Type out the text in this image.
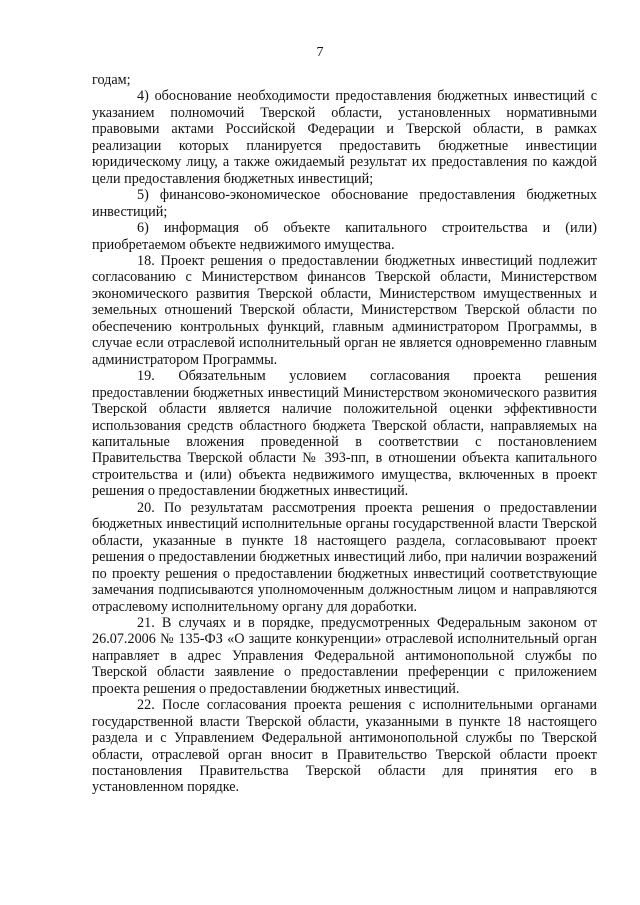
7

годам;

4) обоснование необходимости предоставления бюджетных инвестиций с указанием полномочий Тверской области, установленных нормативными правовыми актами Российской Федерации и Тверской области, в рамках реализации которых планируется предоставить бюджетные инвестиции юридическому лицу, а также ожидаемый результат их предоставления по каждой цели предоставления бюджетных инвестиций;

5) финансово-экономическое обоснование предоставления бюджетных инвестиций;

6) информация об объекте капитального строительства и (или) приобретаемом объекте недвижимого имущества.

18. Проект решения о предоставлении бюджетных инвестиций подлежит согласованию с Министерством финансов Тверской области, Министерством экономического развития Тверской области, Министерством имущественных и земельных отношений Тверской области, Министерством Тверской области по обеспечению контрольных функций, главным администратором Программы, в случае если отраслевой исполнительный орган не является одновременно главным администратором Программы.

19. Обязательным условием согласования проекта решения предоставлении бюджетных инвестиций Министерством экономического развития Тверской области является наличие положительной оценки эффективности использования средств областного бюджета Тверской области, направляемых на капитальные вложения проведенной в соответствии с постановлением Правительства Тверской области № 393-пп, в отношении объекта капитального строительства и (или) объекта недвижимого имущества, включенных в проект решения о предоставлении бюджетных инвестиций.

20. По результатам рассмотрения проекта решения о предоставлении бюджетных инвестиций исполнительные органы государственной власти Тверской области, указанные в пункте 18 настоящего раздела, согласовывают проект решения о предоставлении бюджетных инвестиций либо, при наличии возражений по проекту решения о предоставлении бюджетных инвестиций соответствующие замечания подписываются уполномоченным должностным лицом и направляются отраслевому исполнительному органу для доработки.

21. В случаях и в порядке, предусмотренных Федеральным законом от 26.07.2006 № 135-ФЗ «О защите конкуренции» отраслевой исполнительный орган направляет в адрес Управления Федеральной антимонопольной службы по Тверской области заявление о предоставлении преференции с приложением проекта решения о предоставлении бюджетных инвестиций.

22. После согласования проекта решения с исполнительными органами государственной власти Тверской области, указанными в пункте 18 настоящего раздела и с Управлением Федеральной антимонопольной службы по Тверской области, отраслевой орган вносит в Правительство Тверской области проект постановления Правительства Тверской области для принятия его в установленном порядке.
